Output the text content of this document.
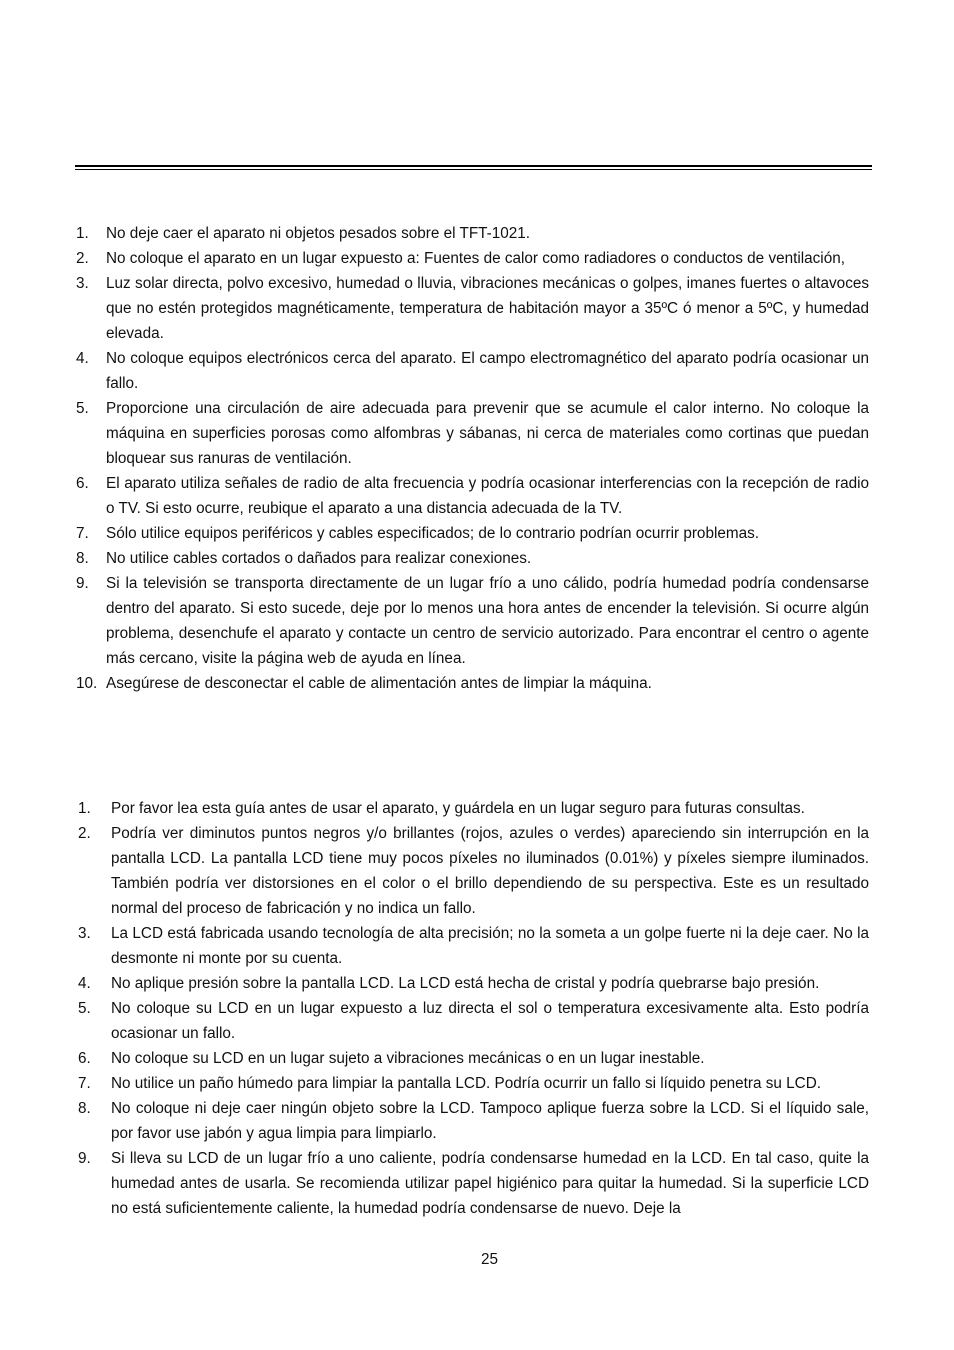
1. No deje caer el aparato ni objetos pesados sobre el TFT-1021.
2. No coloque el aparato en un lugar expuesto a: Fuentes de calor como radiadores o conductos de ventilación,
3. Luz solar directa, polvo excesivo, humedad o lluvia, vibraciones mecánicas o golpes, imanes fuertes o altavoces que no estén protegidos magnéticamente, temperatura de habitación mayor a 35ºC ó menor a 5ºC, y humedad elevada.
4. No coloque equipos electrónicos cerca del aparato. El campo electromagnético del aparato podría ocasionar un fallo.
5. Proporcione una circulación de aire adecuada para prevenir que se acumule el calor interno. No coloque la máquina en superficies porosas como alfombras y sábanas, ni cerca de materiales como cortinas que puedan bloquear sus ranuras de ventilación.
6. El aparato utiliza señales de radio de alta frecuencia y podría ocasionar interferencias con la recepción de radio o TV. Si esto ocurre, reubique el aparato a una distancia adecuada de la TV.
7. Sólo utilice equipos periféricos y cables especificados; de lo contrario podrían ocurrir problemas.
8. No utilice cables cortados o dañados para realizar conexiones.
9. Si la televisión se transporta directamente de un lugar frío a uno cálido, podría humedad podría condensarse dentro del aparato. Si esto sucede, deje por lo menos una hora antes de encender la televisión. Si ocurre algún problema, desenchufe el aparato y contacte un centro de servicio autorizado. Para encontrar el centro o agente más cercano, visite la página web de ayuda en línea.
10. Asegúrese de desconectar el cable de alimentación antes de limpiar la máquina.
1. Por favor lea esta guía antes de usar el aparato, y guárdela en un lugar seguro para futuras consultas.
2. Podría ver diminutos puntos negros y/o brillantes (rojos, azules o verdes) apareciendo sin interrupción en la pantalla LCD. La pantalla LCD tiene muy pocos píxeles no iluminados (0.01%) y píxeles siempre iluminados. También podría ver distorsiones en el color o el brillo dependiendo de su perspectiva. Este es un resultado normal del proceso de fabricación y no indica un fallo.
3. La LCD está fabricada usando tecnología de alta precisión; no la someta a un golpe fuerte ni la deje caer. No la desmonte ni monte por su cuenta.
4. No aplique presión sobre la pantalla LCD. La LCD está hecha de cristal y podría quebrarse bajo presión.
5. No coloque su LCD en un lugar expuesto a luz directa el sol o temperatura excesivamente alta. Esto podría ocasionar un fallo.
6. No coloque su LCD en un lugar sujeto a vibraciones mecánicas o en un lugar inestable.
7. No utilice un paño húmedo para limpiar la pantalla LCD. Podría ocurrir un fallo si líquido penetra su LCD.
8. No coloque ni deje caer ningún objeto sobre la LCD. Tampoco aplique fuerza sobre la LCD. Si el líquido sale, por favor use jabón y agua limpia para limpiarlo.
9. Si lleva su LCD de un lugar frío a uno caliente, podría condensarse humedad en la LCD. En tal caso, quite la humedad antes de usarla. Se recomienda utilizar papel higiénico para quitar la humedad. Si la superficie LCD no está suficientemente caliente, la humedad podría condensarse de nuevo. Deje la
25
